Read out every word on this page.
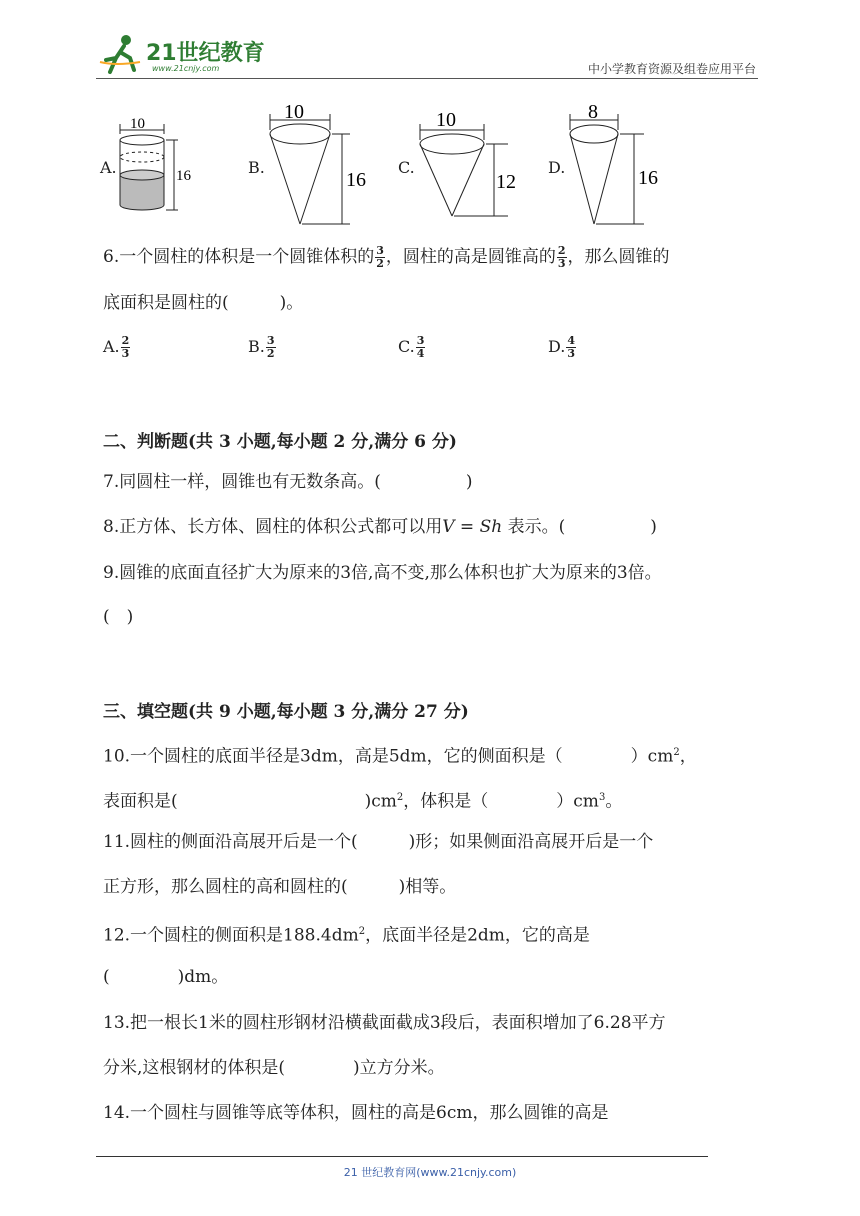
21世纪教育
www.21cnjy.com	中小学教育资源及组卷应用平台
A.
10
16	B.
10
16
C.
10
12
D.
8
16
6.一个圆柱的体积是一个圆锥体积的 $\frac{3}{2}$ ，圆柱的高是圆锥高的 $\frac{2}{3}$ ，那么圆锥的
底面积是圆柱的(　　　)。
A. $\frac{2}{3}$	B. $\frac{3}{2}$	C. $\frac{3}{4}$	D. $\frac{4}{3}$
二、判断题(共 3 小题,每小题 2 分,满分 6 分)
7.同圆柱一样，圆锥也有无数条高。(　　　　　)
8.正方体、长方体、圆柱的体积公式都可以用V = Sh 表示。(　　　　　)
9.圆锥的底面直径扩大为原来的3倍,高不变,那么体积也扩大为原来的3倍。
(　)
三、填空题(共 9 小题,每小题 3 分,满分 27 分)
10.一个圆柱的底面半径是3dm，高是5dm，它的侧面积是（　　　　）$cm^2$，
表面积是(　　　　　　　　　　　)$cm^2$，体积是（　　　　）$cm^3$。
11.圆柱的侧面沿高展开后是一个(　　　)形；如果侧面沿高展开后是一个
正方形，那么圆柱的高和圆柱的(　　　)相等。
12.一个圆柱的侧面积是$188.4dm^2$，底面半径是2dm，它的高是
(　　　　)dm。
13.把一根长1米的圆柱形钢材沿横截面截成3段后，表面积增加了6.28平方
分米,这根钢材的体积是(　　　　)立方分米。
14.一个圆柱与圆锥等底等体积，圆柱的高是6cm，那么圆锥的高是
21 世纪教育网(www.21cnjy.com)
